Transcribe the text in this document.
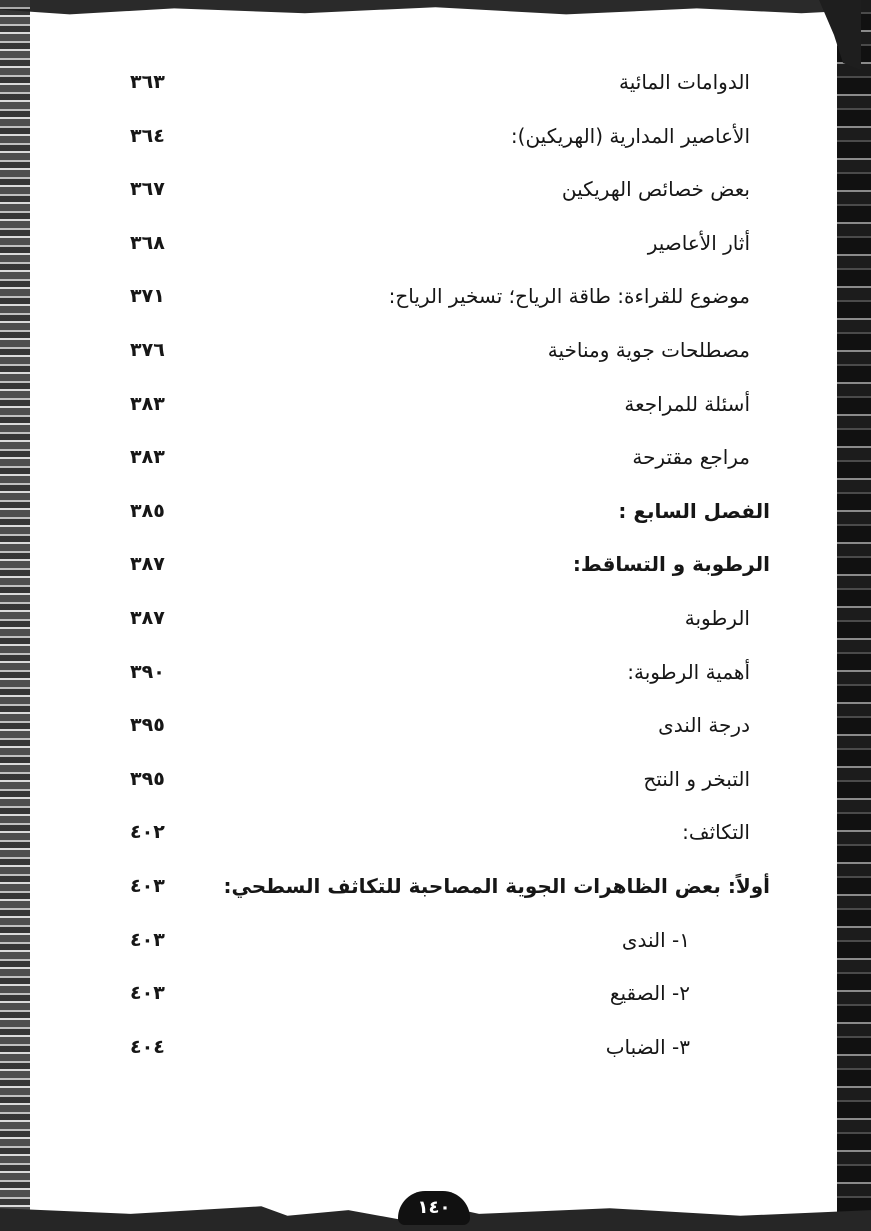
الدوامات المائية
٣٦٣
الأعاصير المدارية (الهريكين):
٣٦٤
بعض خصائص الهريكين
٣٦٧
أثار الأعاصير
٣٦٨
موضوع للقراءة: طاقة الرياح؛ تسخير الرياح:
٣٧١
مصطلحات جوية ومناخية
٣٧٦
أسئلة للمراجعة
٣٨٣
مراجع مقترحة
٣٨٣
الفصل السابع :
٣٨٥
الرطوبة و التساقط:
٣٨٧
الرطوبة
٣٨٧
أهمية الرطوبة:
٣٩٠
درجة الندى
٣٩٥
التبخر و النتح
٣٩٥
التكاثف:
٤٠٢
أولاً: بعض الظاهرات الجوية المصاحبة للتكاثف السطحي:
٤٠٣
١- الندى
٤٠٣
٢- الصقيع
٤٠٣
٣- الضباب
٤٠٤
١٤٠
